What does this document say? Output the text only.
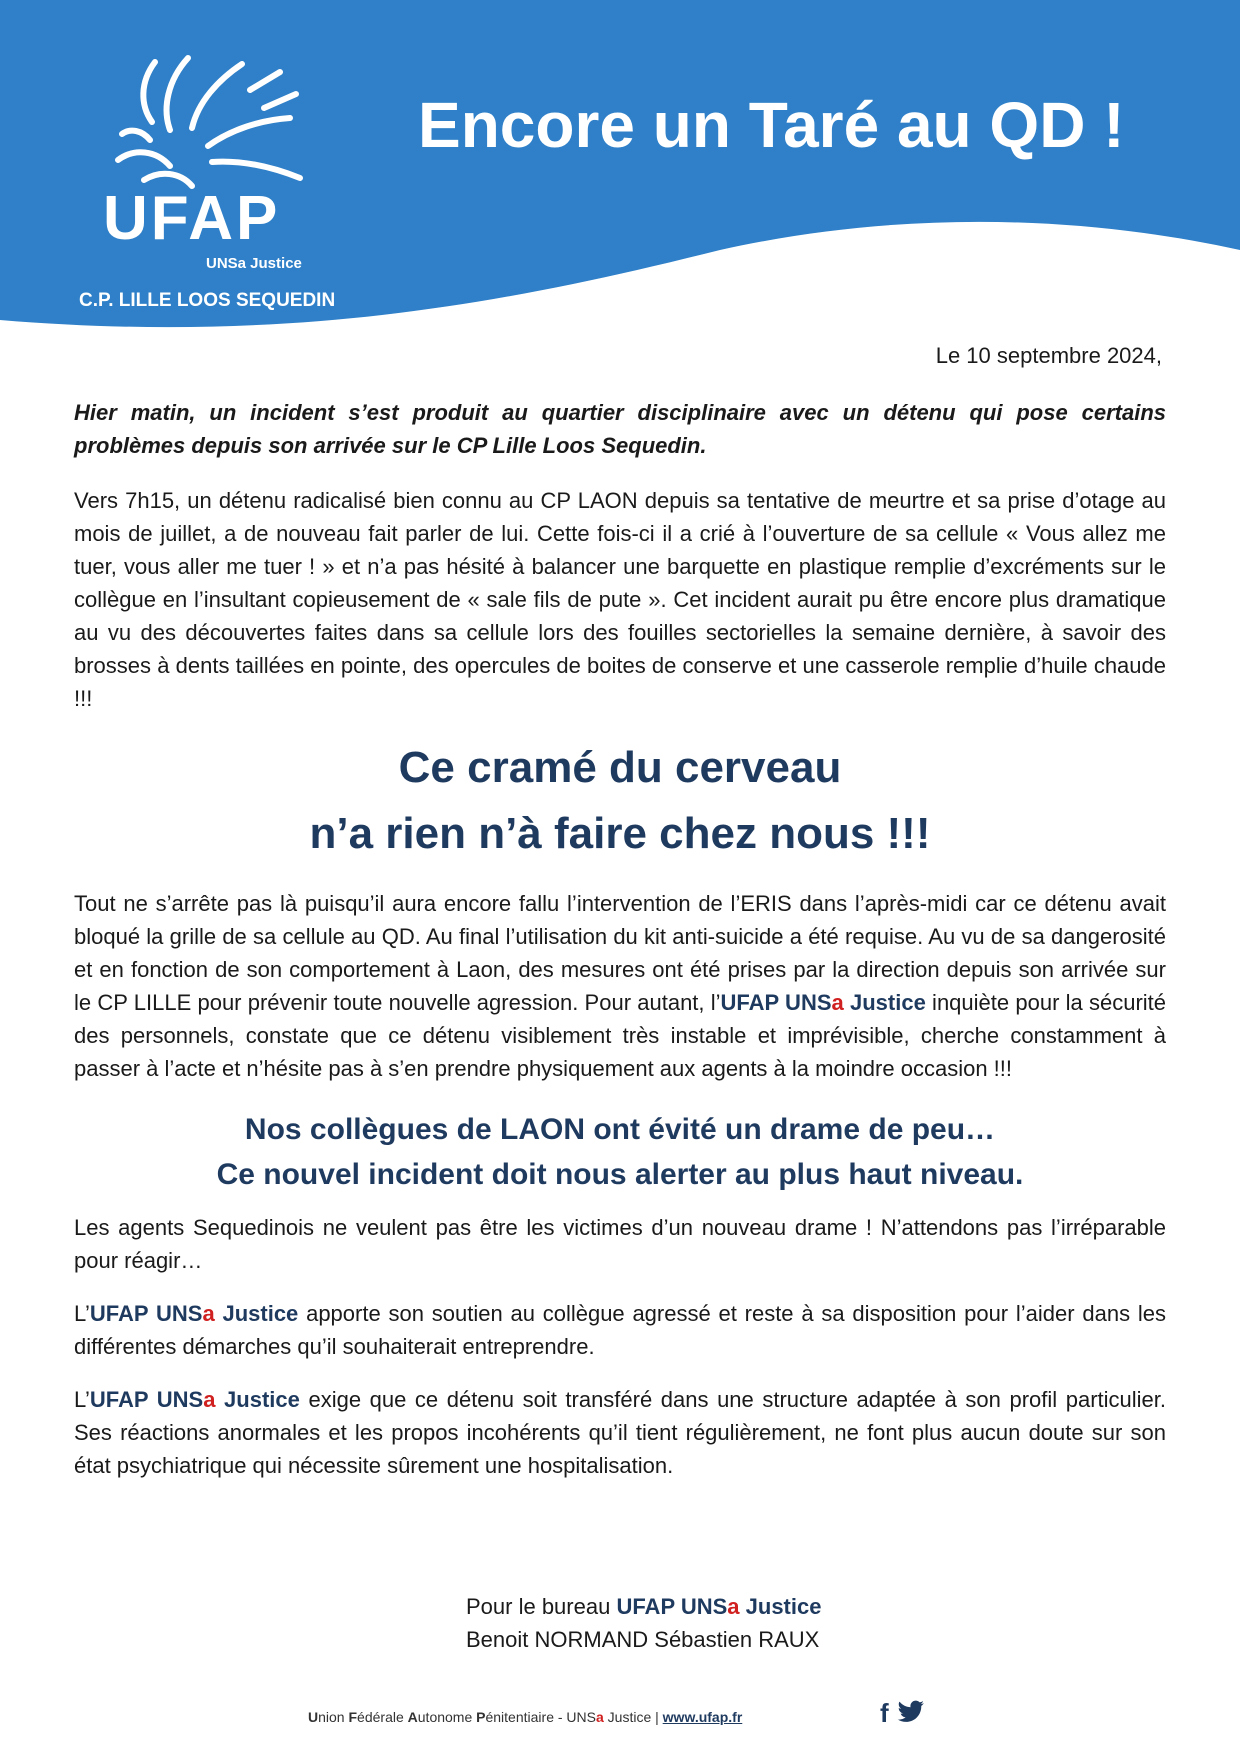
UFAP
UNSa Justice
C.P. LILLE LOOS SEQUEDIN
Encore un Taré au QD !
Le 10 septembre 2024,

Hier matin, un incident s’est produit au quartier disciplinaire avec un détenu qui pose certains problèmes depuis son arrivée sur le CP Lille Loos Sequedin.

Vers 7h15, un détenu radicalisé bien connu au CP LAON depuis sa tentative de meurtre et sa prise d’otage au mois de juillet, a de nouveau fait parler de lui. Cette fois-ci il a crié à l’ouverture de sa cellule « Vous allez me tuer, vous aller me tuer ! » et n’a pas hésité à balancer une barquette en plastique remplie d’excréments sur le collègue en l’insultant copieusement de « sale fils de pute ». Cet incident aurait pu être encore plus dramatique au vu des découvertes faites dans sa cellule lors des fouilles sectorielles la semaine dernière, à savoir des brosses à dents taillées en pointe, des opercules de boites de conserve et une casserole remplie d’huile chaude !!!

Ce cramé du cerveau
n’a rien n’à faire chez nous !!!

Tout ne s’arrête pas là puisqu’il aura encore fallu l’intervention de l’ERIS dans l’après-midi car ce détenu avait bloqué la grille de sa cellule au QD. Au final l’utilisation du kit anti-suicide a été requise. Au vu de sa dangerosité et en fonction de son comportement à Laon, des mesures ont été prises par la direction depuis son arrivée sur le CP LILLE pour prévenir toute nouvelle agression. Pour autant, l’UFAP UNSa Justice inquiète pour la sécurité des personnels, constate que ce détenu visiblement très instable et imprévisible, cherche constamment à passer à l’acte et n’hésite pas à s’en prendre physiquement aux agents à la moindre occasion !!!

Nos collègues de LAON ont évité un drame de peu…
Ce nouvel incident doit nous alerter au plus haut niveau.

Les agents Sequedinois ne veulent pas être les victimes d’un nouveau drame ! N’attendons pas l’irréparable pour réagir…

L’UFAP UNSa Justice apporte son soutien au collègue agressé et reste à sa disposition pour l’aider dans les différentes démarches qu’il souhaiterait entreprendre.

L’UFAP UNSa Justice exige que ce détenu soit transféré dans une structure adaptée à son profil particulier. Ses réactions anormales et les propos incohérents qu’il tient régulièrement, ne font plus aucun doute sur son état psychiatrique qui nécessite sûrement une hospitalisation.

Pour le bureau UFAP UNSa Justice
Benoit NORMAND Sébastien RAUX
Union Fédérale Autonome Pénitentiaire - UNSa Justice | www.ufap.fr	f
